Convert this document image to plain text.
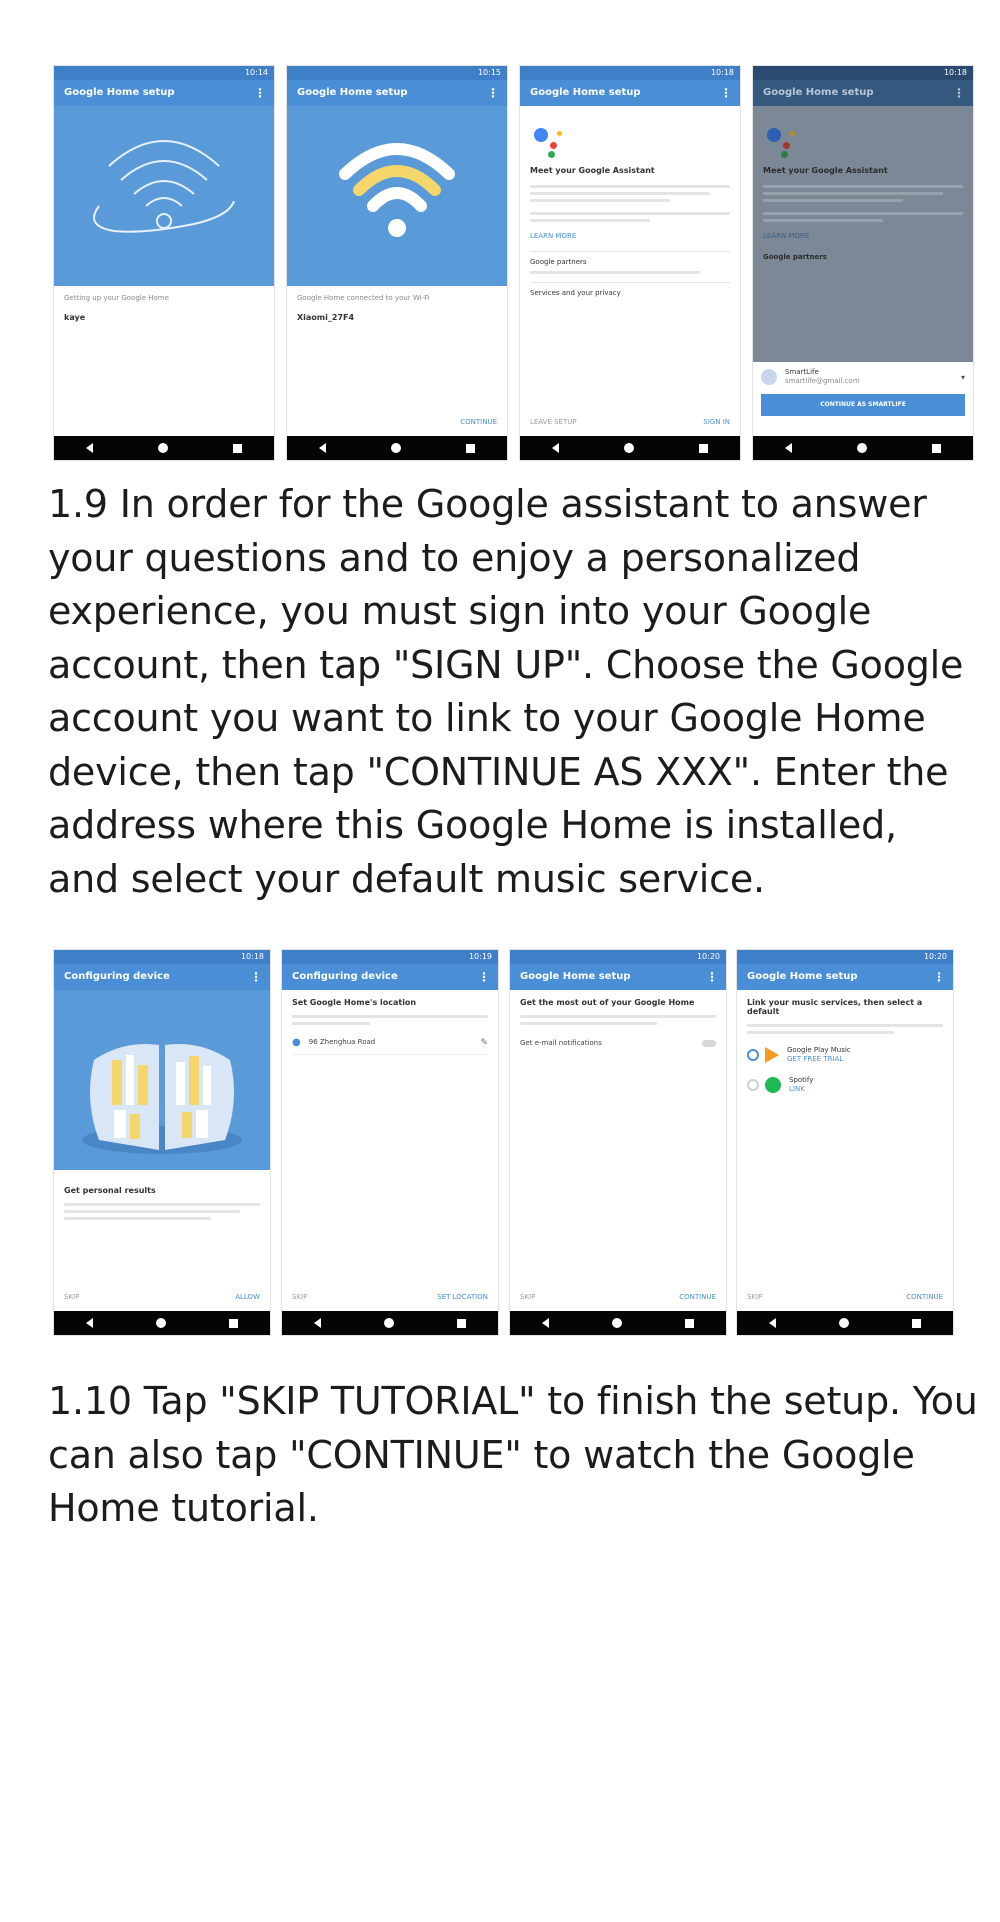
10:14
Google Home setup	⋮
Getting up your Google Home
kaye
10:15
Google Home setup	⋮
Google Home connected to your Wi-Fi
Xiaomi_27F4
CONTINUE
10:18
Google Home setup	⋮
Meet your Google Assistant
LEARN MORE
Google partners
Services and your privacy
LEAVE SETUP	SIGN IN
10:18
Google Home setup	⋮
Meet your Google Assistant
LEARN MORE
Google partners
SmartLife
smartlife@gmail.com	▾
CONTINUE AS SMARTLIFE

1.9 In order for the Google assistant to answer your questions and to enjoy a personalized experience, you must sign into your Google account, then tap "SIGN UP". Choose the Google account you want to link to your Google Home device, then tap "CONTINUE AS XXX". Enter the address where this Google Home is installed, and select your default music service.

10:18
Configuring device	⋮
Get personal results
SKIP	ALLOW
10:19
Configuring device	⋮
Set Google Home's location
● 96 Zhenghua Road	✎
SKIP	SET LOCATION
10:20
Google Home setup	⋮
Get the most out of your Google Home
Get e-mail notifications
SKIP	CONTINUE
10:20
Google Home setup	⋮
Link your music services, then select a default
Google Play Music
GET FREE TRIAL
Spotify
LINK
SKIP	CONTINUE

1.10 Tap "SKIP TUTORIAL" to finish the setup. You can also tap "CONTINUE" to watch the Google Home tutorial.
